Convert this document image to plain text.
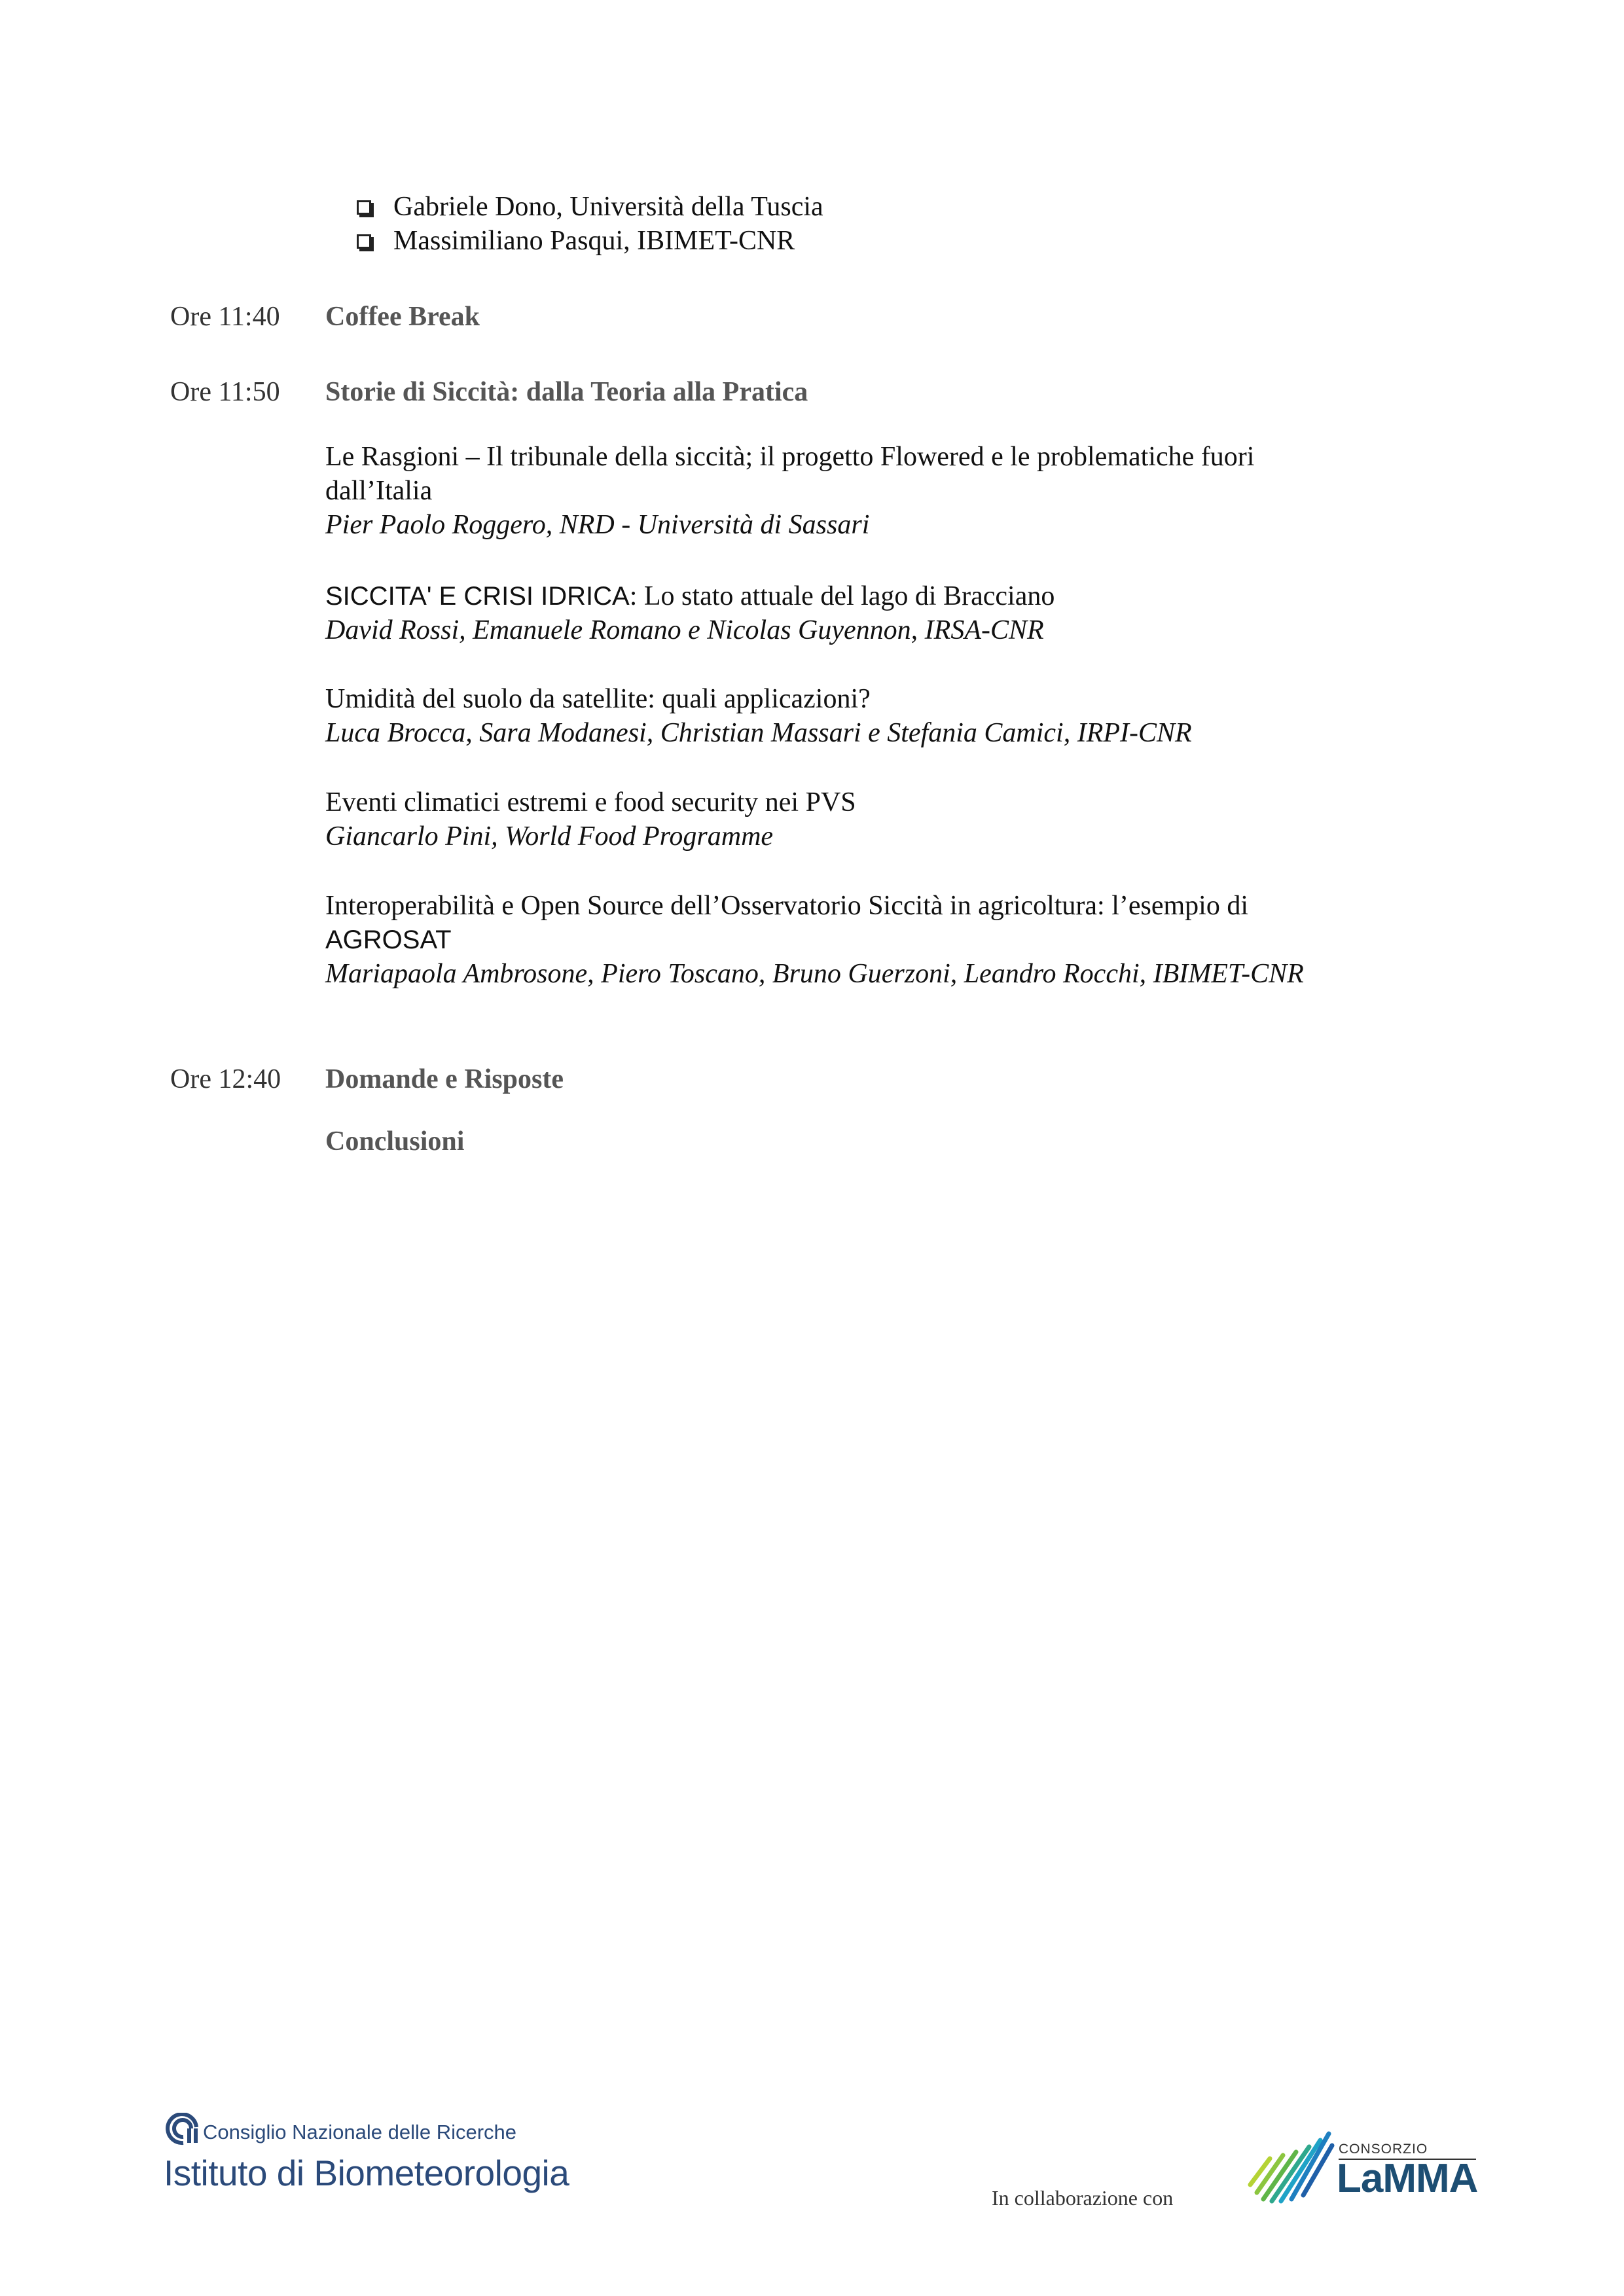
Gabriele Dono, Università della Tuscia
Massimiliano Pasqui, IBIMET-CNR
Ore 11:40 Coffee Break
Ore 11:50 Storie di Siccità: dalla Teoria alla Pratica

Le Rasgioni – Il tribunale della siccità; il progetto Flowered e le problematiche fuori

dall’Italia

Pier Paolo Roggero, NRD - Università di Sassari

SICCITA' E CRISI IDRICA: Lo stato attuale del lago di Bracciano

David Rossi, Emanuele Romano e Nicolas Guyennon, IRSA-CNR

Umidità del suolo da satellite: quali applicazioni?

Luca Brocca, Sara Modanesi, Christian Massari e Stefania Camici, IRPI-CNR

Eventi climatici estremi e food security nei PVS

Giancarlo Pini, World Food Programme

Interoperabilità e Open Source dell’Osservatorio Siccità in agricoltura: l’esempio di

AGROSAT

Mariapaola Ambrosone, Piero Toscano, Bruno Guerzoni, Leandro Rocchi, IBIMET-CNR

Ore 12:40 Domande e Risposte
Conclusioni
Consiglio Nazionale delle Ricerche
Istituto di Biometeorologia
In collaborazione con
CONSORZIO
LaMMA
